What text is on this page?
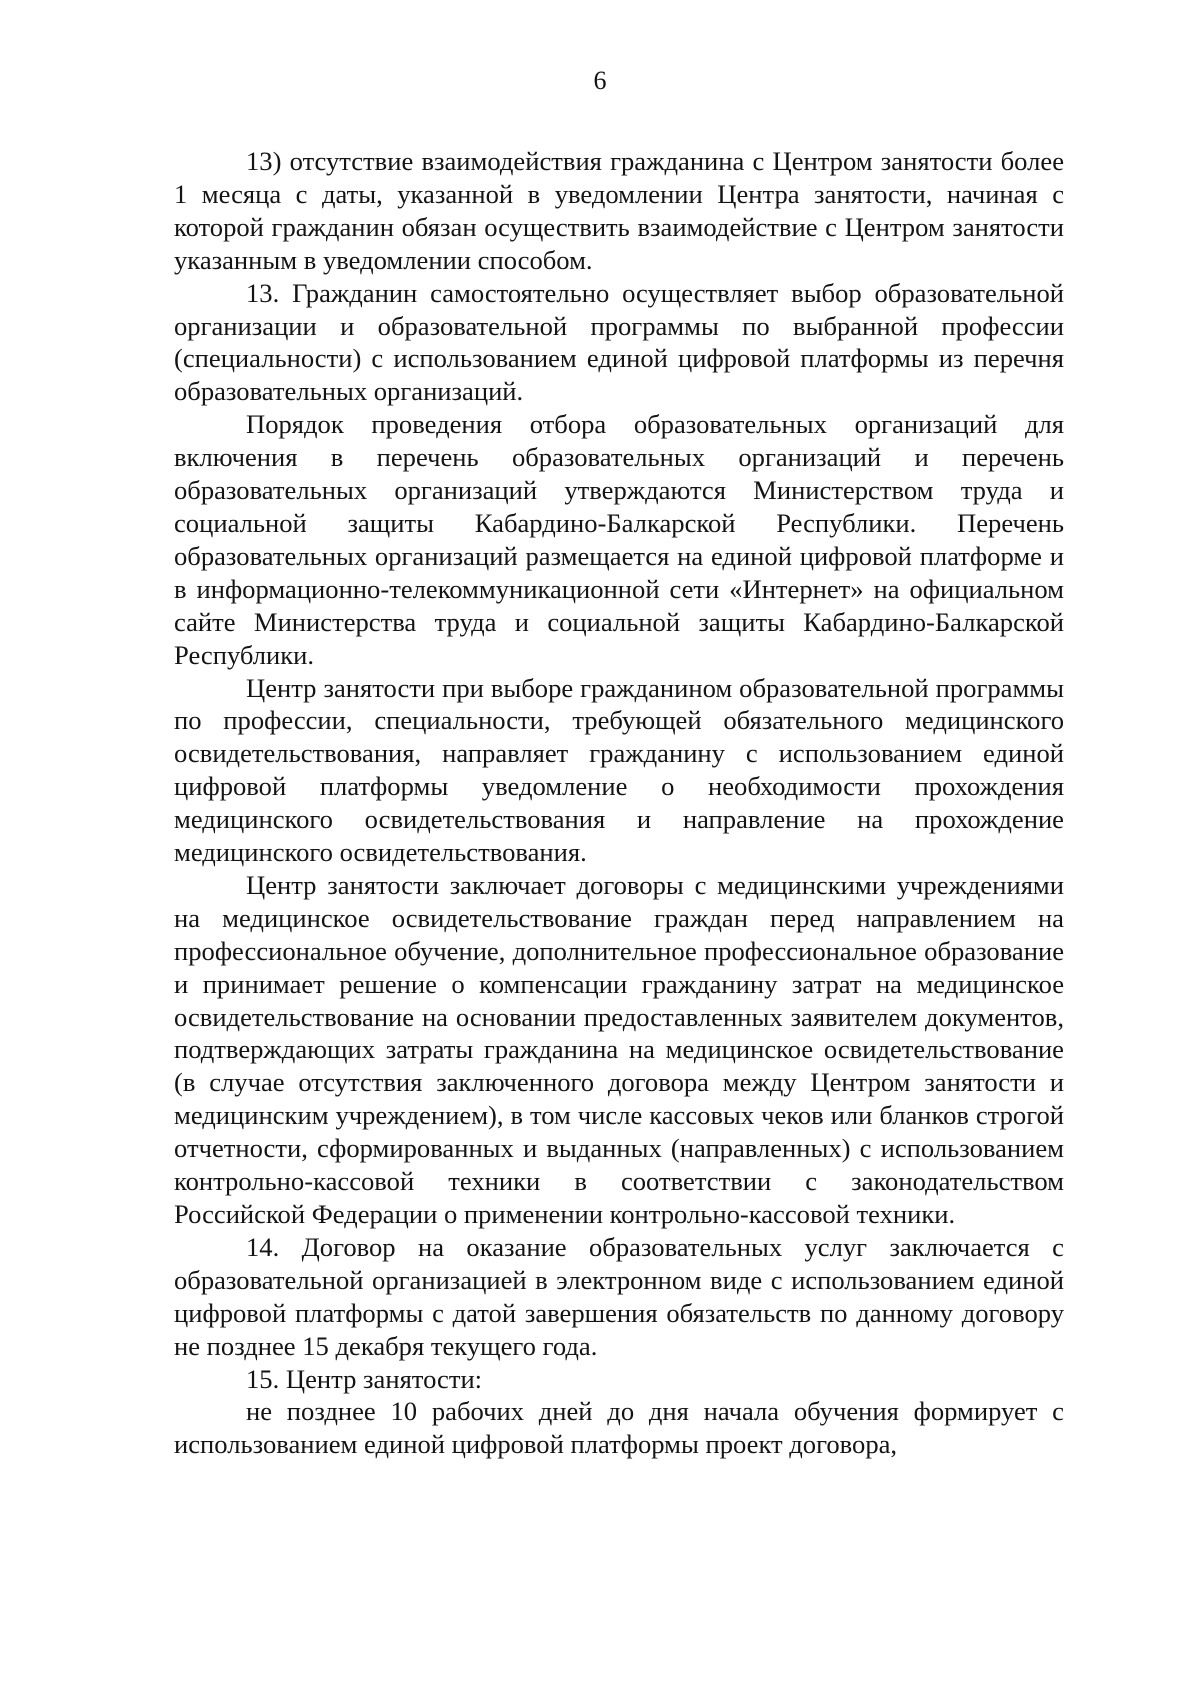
6

13) отсутствие взаимодействия гражданина с Центром занятости более 1 месяца с даты, указанной в уведомлении Центра занятости, начиная с которой гражданин обязан осуществить взаимодействие с Центром занятости указанным в уведомлении способом.

13. Гражданин самостоятельно осуществляет выбор образовательной организации и образовательной программы по выбранной профессии (специальности) с использованием единой цифровой платформы из перечня образовательных организаций.

Порядок проведения отбора образовательных организаций для включения в перечень образовательных организаций и перечень образовательных организаций утверждаются Министерством труда и социальной защиты Кабардино-Балкарской Республики. Перечень образовательных организаций размещается на единой цифровой платформе и в информационно-телекоммуникационной сети «Интернет» на официальном сайте Министерства труда и социальной защиты Кабардино-Балкарской Республики.

Центр занятости при выборе гражданином образовательной программы по профессии, специальности, требующей обязательного медицинского освидетельствования, направляет гражданину с использованием единой цифровой платформы уведомление о необходимости прохождения медицинского освидетельствования и направление на прохождение медицинского освидетельствования.

Центр занятости заключает договоры с медицинскими учреждениями на медицинское освидетельствование граждан перед направлением на профессиональное обучение, дополнительное профессиональное образование и принимает решение о компенсации гражданину затрат на медицинское освидетельствование на основании предоставленных заявителем документов, подтверждающих затраты гражданина на медицинское освидетельствование (в случае отсутствия заключенного договора между Центром занятости и медицинским учреждением), в том числе кассовых чеков или бланков строгой отчетности, сформированных и выданных (направленных) с использованием контрольно-кассовой техники в соответствии с законодательством Российской Федерации о применении контрольно-кассовой техники.

14. Договор на оказание образовательных услуг заключается с образовательной организацией в электронном виде с использованием единой цифровой платформы с датой завершения обязательств по данному договору не позднее 15 декабря текущего года.

15. Центр занятости:

не позднее 10 рабочих дней до дня начала обучения формирует с использованием единой цифровой платформы проект договора,
